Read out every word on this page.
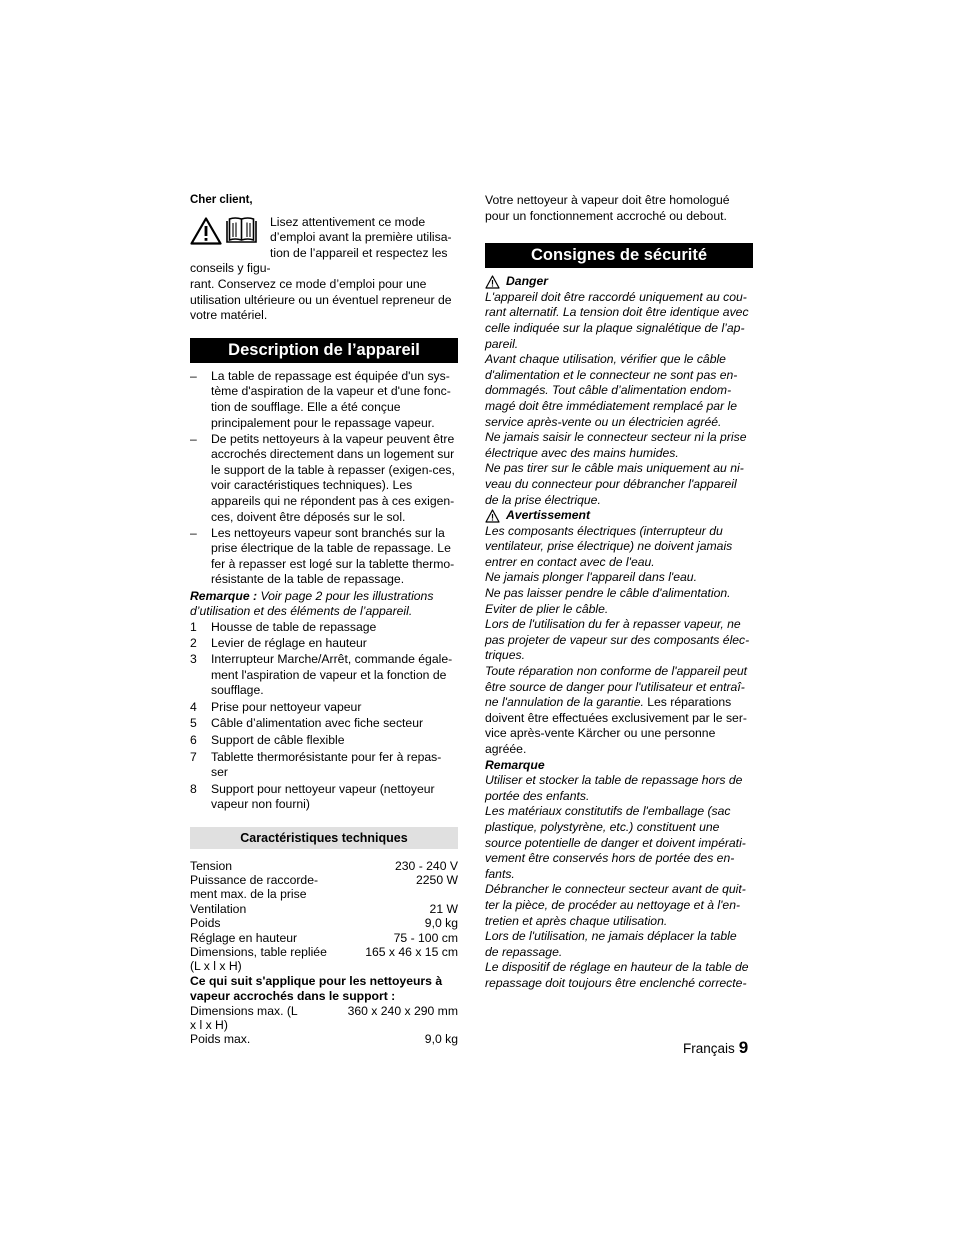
Cher client,

Lisez attentivement ce mode
d’emploi avant la première utilisa-
tion de l’appareil et respectez les conseils y figu-
rant. Conservez ce mode d’emploi pour une
utilisation ultérieure ou un éventuel repreneur de
votre matériel.
Description de l’appareil
– La table de repassage est équipée d'un sys-tème d'aspiration de la vapeur et d'une fonc-tion de soufflage. Elle a été conçue principalement pour le repassage vapeur.
– De petits nettoyeurs à la vapeur peuvent être accrochés directement dans un logement sur le support de la table à repasser (exigen-ces, voir caractéristiques techniques). Les appareils qui ne répondent pas à ces exigen-ces, doivent être déposés sur le sol.
– Les nettoyeurs vapeur sont branchés sur la prise électrique de la table de repassage. Le fer à repasser est logé sur la tablette thermo-résistante de la table de repassage.

Remarque : Voir page 2 pour les illustrations d’utilisation et des éléments de l’appareil.

1 Housse de table de repassage
2 Levier de réglage en hauteur
3 Interrupteur Marche/Arrêt, commande égale-ment l'aspiration de vapeur et la fonction de soufflage.
4 Prise pour nettoyeur vapeur
5 Câble d’alimentation avec fiche secteur
6 Support de câble flexible
7 Tablette thermorésistante pour fer à repas-ser
8 Support pour nettoyeur vapeur (nettoyeur vapeur non fourni)
Caractéristiques techniques
Tension	230 - 240 V
Puissance de raccorde-ment max. de la prise
2250 W
Ventilation	21 W
Poids	9,0 kg
Réglage en hauteur	75 - 100 cm
Dimensions, table repliée (L x l x H)
165 x 46 x 15 cm
Ce qui suit s'applique pour les nettoyeurs à vapeur accrochés dans le support :
Dimensions max. (L x l x H)
360 x 240 x 290 mm
Poids max.	9,0 kg

Votre nettoyeur à vapeur doit être homologué pour un fonctionnement accroché ou debout.

Consignes de sécurité
Danger

L'appareil doit être raccordé uniquement au cou-rant alternatif. La tension doit être identique avec celle indiquée sur la plaque signalétique de l’ap-pareil.

Avant chaque utilisation, vérifier que le câble d'alimentation et le connecteur ne sont pas en-dommagés. Tout câble d’alimentation endom-magé doit être immédiatement remplacé par le service après-vente ou un électricien agréé.

Ne jamais saisir le connecteur secteur ni la prise électrique avec des mains humides.

Ne pas tirer sur le câble mais uniquement au ni-veau du connecteur pour débrancher l'appareil de la prise électrique.

Avertissement

Les composants électriques (interrupteur du ventilateur, prise électrique) ne doivent jamais entrer en contact avec de l'eau.

Ne jamais plonger l'appareil dans l'eau.

Ne pas laisser pendre le câble d'alimentation. Eviter de plier le câble.

Lors de l'utilisation du fer à repasser vapeur, ne pas projeter de vapeur sur des composants élec-triques.

Toute réparation non conforme de l'appareil peut être source de danger pour l'utilisateur et entraî-ne l'annulation de la garantie. Les réparations doivent être effectuées exclusivement par le ser-vice après-vente Kärcher ou une personne agréée.

Remarque

Utiliser et stocker la table de repassage hors de portée des enfants.

Les matériaux constitutifs de l'emballage (sac plastique, polystyrène, etc.) constituent une source potentielle de danger et doivent impérati-vement être conservés hors de portée des en-fants.

Débrancher le connecteur secteur avant de quit-ter la pièce, de procéder au nettoyage et à l'en-tretien et après chaque utilisation.

Lors de l'utilisation, ne jamais déplacer la table de repassage.

Le dispositif de réglage en hauteur de la table de repassage doit toujours être enclenché correcte-

Français 9
